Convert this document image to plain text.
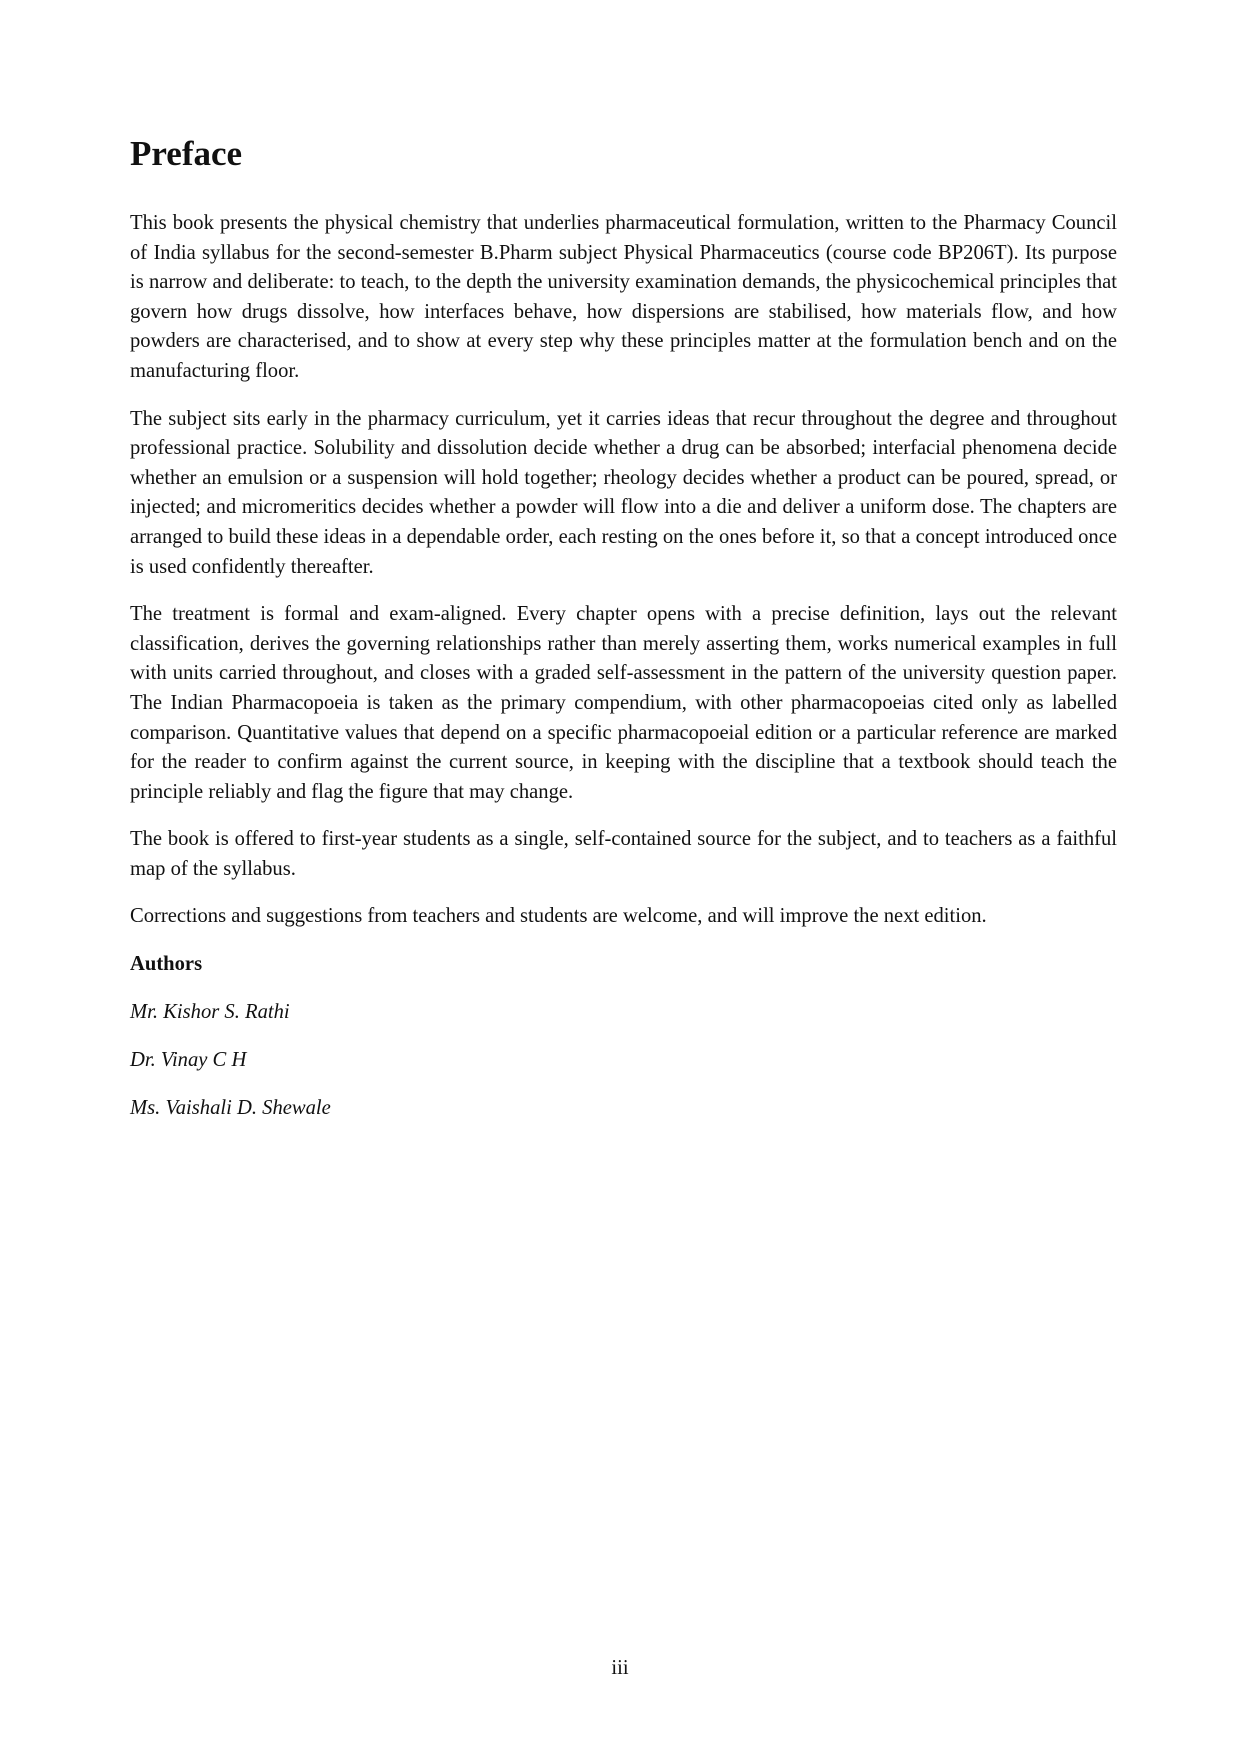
Preface

This book presents the physical chemistry that underlies pharmaceutical formulation, written to the Pharmacy Council of India syllabus for the second-semester B.Pharm subject Physical Pharmaceutics (course code BP206T). Its purpose is narrow and deliberate: to teach, to the depth the university examination demands, the physicochemical principles that govern how drugs dissolve, how interfaces behave, how dispersions are stabilised, how materials flow, and how powders are characterised, and to show at every step why these principles matter at the formulation bench and on the manufacturing floor.

The subject sits early in the pharmacy curriculum, yet it carries ideas that recur throughout the degree and throughout professional practice. Solubility and dissolution decide whether a drug can be absorbed; interfacial phenomena decide whether an emulsion or a suspension will hold together; rheology decides whether a product can be poured, spread, or injected; and micromeritics decides whether a powder will flow into a die and deliver a uniform dose. The chapters are arranged to build these ideas in a dependable order, each resting on the ones before it, so that a concept introduced once is used confidently thereafter.

The treatment is formal and exam-aligned. Every chapter opens with a precise definition, lays out the relevant classification, derives the governing relationships rather than merely asserting them, works numerical examples in full with units carried throughout, and closes with a graded self-assessment in the pattern of the university question paper. The Indian Pharmacopoeia is taken as the primary compendium, with other pharmacopoeias cited only as labelled comparison. Quantitative values that depend on a specific pharmacopoeial edition or a particular reference are marked for the reader to confirm against the current source, in keeping with the discipline that a textbook should teach the principle reliably and flag the figure that may change.

The book is offered to first-year students as a single, self-contained source for the subject, and to teachers as a faithful map of the syllabus.

Corrections and suggestions from teachers and students are welcome, and will improve the next edition.

Authors

Mr. Kishor S. Rathi

Dr. Vinay C H

Ms. Vaishali D. Shewale

iii
